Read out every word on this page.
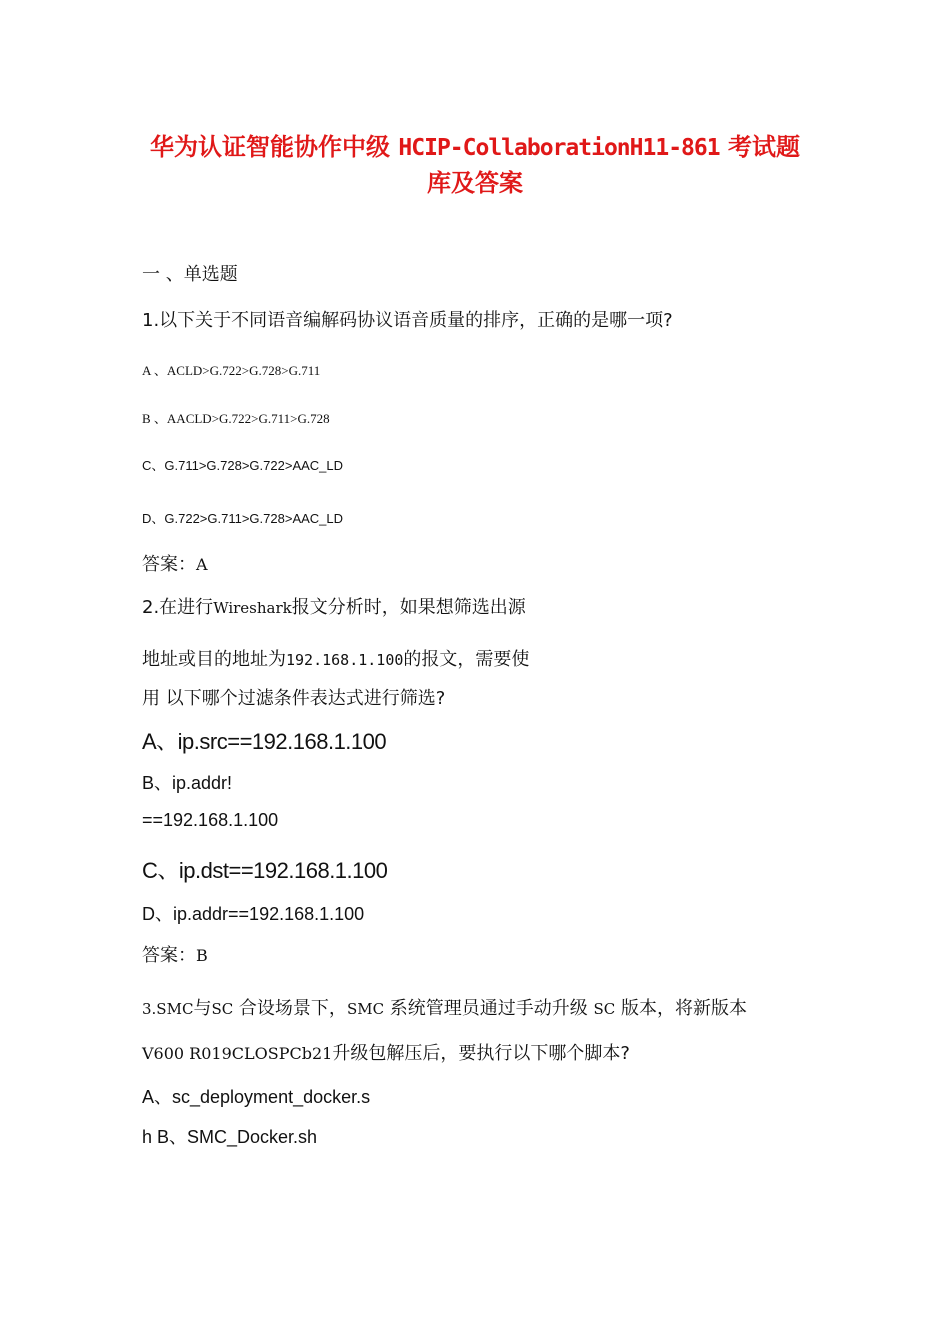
华为认证智能协作中级 HCIP-CollaborationH11-861 考试题
库及答案
一 、单选题
1.以下关于不同语音编解码协议语音质量的排序，正确的是哪一项?
A 、ACLD>G.722>G.728>G.711
B 、AACLD>G.722>G.711>G.728
C、G.711>G.728>G.722>AAC_LD
D、G.722>G.711>G.728>AAC_LD
答案：A
2.在进行Wireshark报文分析时，如果想筛选出源
地址或目的地址为192.168.1.100的报文，需要使
用 以下哪个过滤条件表达式进行筛选?
A、ip.src==192.168.1.100
B、ip.addr!
==192.168.1.100
C、ip.dst==192.168.1.100
D、ip.addr==192.168.1.100
答案：B
3.SMC与SC 合设场景下，SMC 系统管理员通过手动升级 SC 版本，将新版本
V600 R019CLOSPCb21升级包解压后，要执行以下哪个脚本?
A、sc_deployment_docker.s
h B、SMC_Docker.sh
